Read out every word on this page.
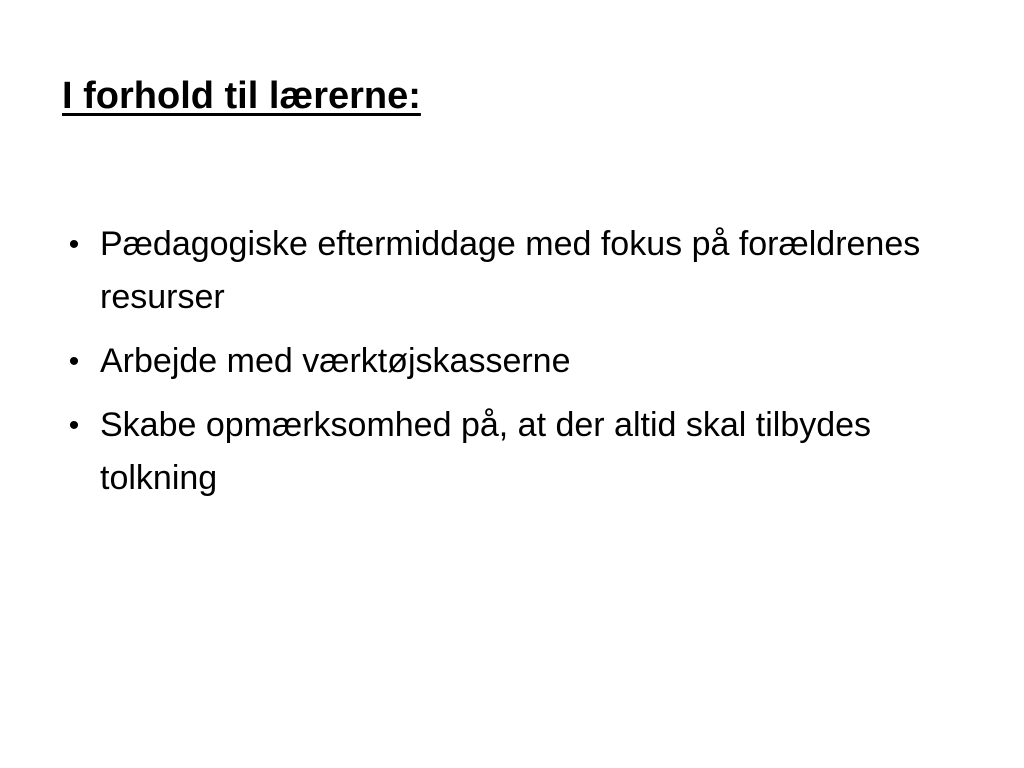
I forhold til lærerne:
• Pædagogiske eftermiddage med fokus på forældrenes resurser
• Arbejde med værktøjskasserne
• Skabe opmærksomhed på, at der altid skal tilbydes tolkning
